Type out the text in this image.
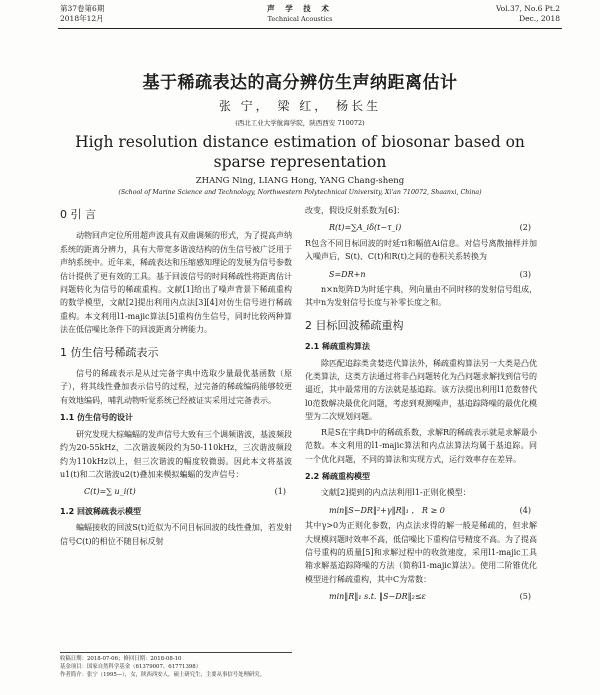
第37卷第6期
2018年12月
声 学 技 术
Technical Acoustics
Vol.37, No.6 Pt.2
Dec., 2018
基于稀疏表达的高分辨仿生声纳距离估计
张 宁， 梁 红， 杨长生
(西北工业大学航海学院，陕西西安 710072)
High resolution distance estimation of biosonar based on sparse representation
ZHANG Ning, LIANG Hong, YANG Chang-sheng
(School of Marine Science and Technology, Northwestern Polytechnical University, Xi'an 710072, Shaanxi, China)
0 引 言
动物回声定位所用超声波具有双曲调频的形式，为了提高声纳系统的距离分辨力，具有大带宽多谐波结构的仿生信号被广泛用于声纳系统中。近年来，稀疏表达和压缩感知理论的发展为信号参数估计提供了更有效的工具。基于回波信号的时间稀疏性将距离估计问题转化为信号的稀疏重构。文献[1]给出了噪声背景下稀疏重构的数学模型，文献[2]提出利用内点法[3][4]对仿生信号进行稀疏重构。本文利用l1-majic算法[5]重构仿生信号，同时比较两种算法在低信噪比条件下的回波距离分辨能力。
1 仿生信号稀疏表示
信号的稀疏表示是从过完备字典中选取少量最优基函数（原子），将其线性叠加表示信号的过程，过完备的稀疏编码能够较更有效地编码，哺乳动物听觉系统已经被证实采用过完备表示。
1.1 仿生信号的设计
研究发现大棕蝙蝠的发声信号大致有三个调频谐波，基波频段约为20-55kHz，二次谐波频段约为50-110kHz，三次谐波频段约为110kHz以上，但三次谐波的幅度较微弱。因此本文将基波u1(t)和二次谐波u2(t)叠加来模拟蝙蝠的发声信号：
C(t)=∑ u_i(t)	(1)
1.2 回波稀疏表示模型
蝙蝠接收的回波S(t)近似为不同目标回波的线性叠加，若发射信号C(t)的相位不随目标反射
改变，假设反射系数为[6]：
R(t)=∑A_iδ(t−τ_i)	(2)
R包含不同目标回波的时延τi和幅值Ai信息。对信号离散抽样并加入噪声后，S(t)、C(t)和R(t)之间的卷积关系转换为
S=DR+n	(3)
n×n矩阵D为时延字典，列向量由不同时移的发射信号组成，其中n为发射信号长度与补零长度之和。
2 目标回波稀疏重构
2.1 稀疏重构算法
除匹配追踪类贪婪迭代算法外，稀疏重构算法另一大类是凸优化类算法，这类方法通过将非凸问题转化为凸问题求解找到信号的逼近，其中最常用的方法就是基追踪。该方法提出利用l1范数替代l0范数解决最优化问题，考虑到观测噪声，基追踪降噪的最优化模型为二次规划问题。
R是S在字典D中的稀疏系数，求解R的稀疏表示就是求解最小范数。本文利用的l1-majic算法和内点法算法均属于基追踪。同一个优化问题，不同的算法和实现方式，运行效率存在差异。
2.2 稀疏重构模型
文献[2]提到的内点法利用l1-正则化模型：
min‖S−DR‖²+γ‖R‖₁ ， R ≥ 0	(4)
其中γ>0为正则化参数，内点法求得的解一般是稀疏的，但求解大规模问题时效率不高，低信噪比下重构信号精度不高。为了提高信号重构的质量[5]和求解过程中的收敛速度，采用l1-majic工具箱求解基追踪降噪的方法（简称l1-majic算法）。使用二阶锥优化模型进行稀疏重构，其中C为常数：
min‖R‖₁ s.t. ‖S−DR‖₂≤ε	(5)
收稿日期：2018-07-06；修回日期：2018-08-10
基金项目：国家自然科学基金（61379007、61771398）
作者简介：张宁（1995—），女，陕西西安人，硕士研究生，主要从事信号处理研究。
